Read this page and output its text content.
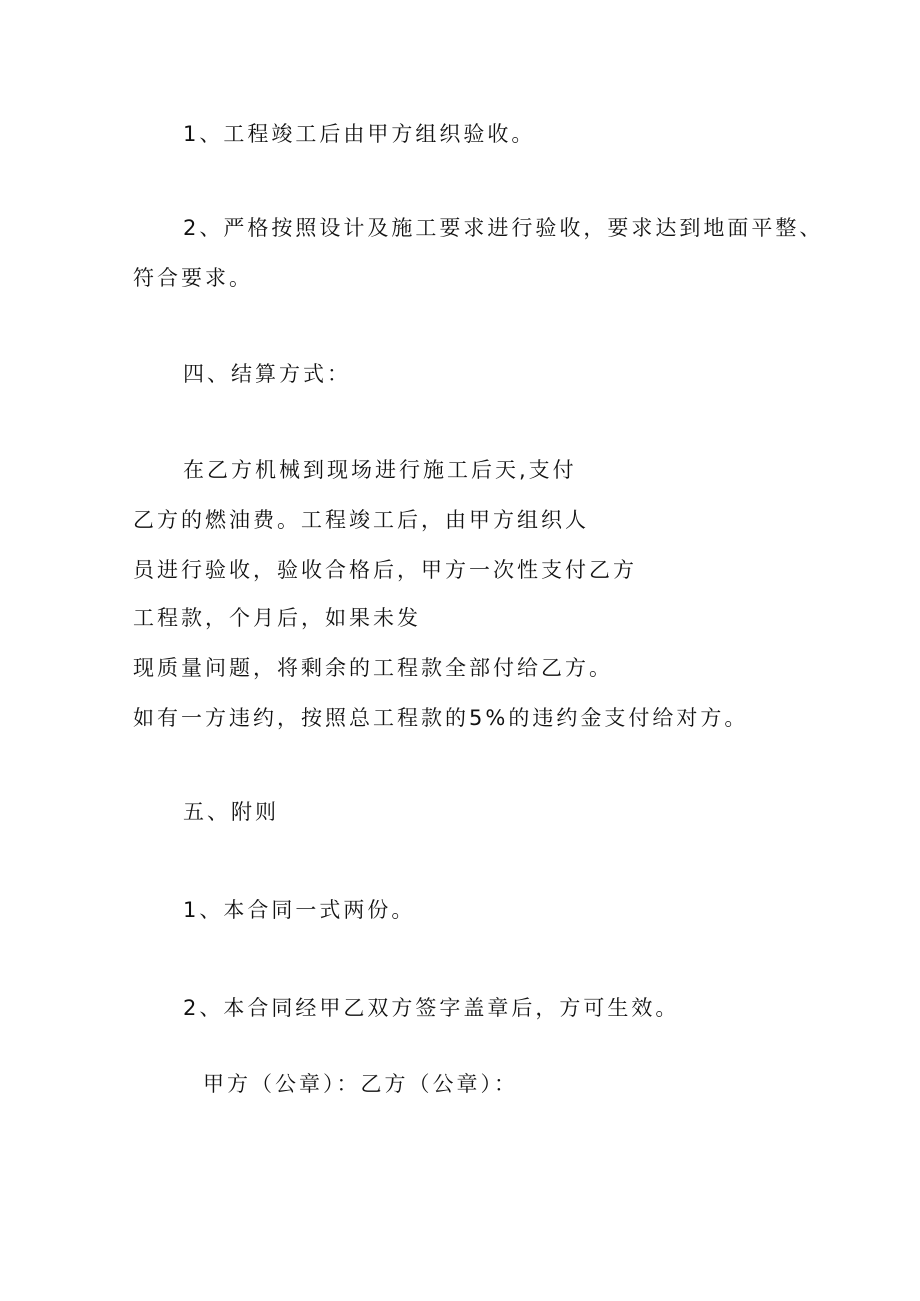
1、工程竣工后由甲方组织验收。
2、严格按照设计及施工要求进行验收，要求达到地面平整、
符合要求。
四、结算方式：
在乙方机械到现场进行施工后天,支付
乙方的燃油费。工程竣工后，由甲方组织人
员进行验收，验收合格后，甲方一次性支付乙方
工程款，个月后，如果未发
现质量问题，将剩余的工程款全部付给乙方。
如有一方违约，按照总工程款的5%的违约金支付给对方。
五、附则
1、本合同一式两份。
2、本合同经甲乙双方签字盖章后，方可生效。
甲方（公章）：乙方（公章）：
